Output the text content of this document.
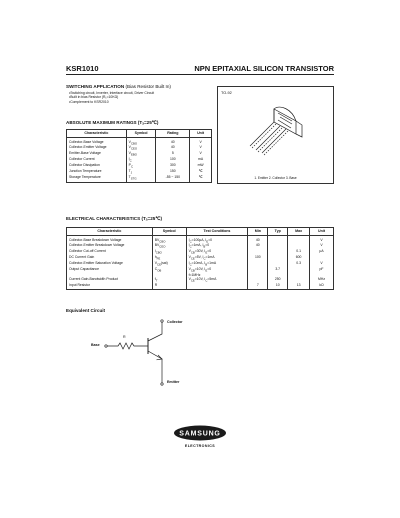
KSR1010	NPN EPITAXIAL SILICON TRANSISTOR
SWITCHING APPLICATION (Bias Resistor Built In)
• Switching circuit, Inverter, Interface circuit, Driver Circuit
• Built in bias Resistor (R₁=10KΩ)
• Complement to KSR2010
ABSOLUTE MAXIMUM RATINGS (Tₐ=25℃)
Characteristic	Symbol	Rating	Unit
Collector-Base Voltage	$V_{CBO}$	40	V
Collector-Emitter Voltage	$V_{CEO}$	40	V
Emitter-Base Voltage	$V_{EBO}$	5	V
Collector Current	$I_C$	100	mA
Collector Dissipation	$P_C$	300	mW
Junction Temperature	$T_J$	150	℃
Storage Temperature	$T_{STG}$	-55 ~ 150	℃
TO-92
1. Emitter 2. Collector 3. Base
ELECTRICAL CHARACTERISTICS (Tₐ=25℃)
Characteristic	Symbol	Test Conditions	Min	Typ	Max	Unit
Collector-Base Breakdown Voltage	$BV_{CBO}$	$I_C=100\mu A$, $I_E=0$	40			V
Collector-Emitter Breakdown Voltage	$BV_{CEO}$	$I_C=1mA$, $I_B=0$	40			V
Collector Cut-off Current	$I_{CBO}$	$V_{CB}=30V$, $I_E=0$			0.1	μA
DC Current Gain	$h_{FE}$	$V_{CE}=5V$, $I_C=1mA$	100		600	
Collector-Emitter Saturation Voltage	$V_{CE}(sat)$	$I_C=10mA$, $I_B=1mA$			0.3	V
Output Capacitance	$C_{OB}$	$V_{CB}=10V$, $I_E=0$
f=1MHz		3.7		pF
Current Gain-Bandwidth Product	$f_T$	$V_{CE}=10V$, $I_C=5mA$		250		MHz
Input Resistor	R		7	10	13	kΩ
Equivalent Circuit
Collector
Base
Emitter
R
SAMSUNG
ELECTRONICS
